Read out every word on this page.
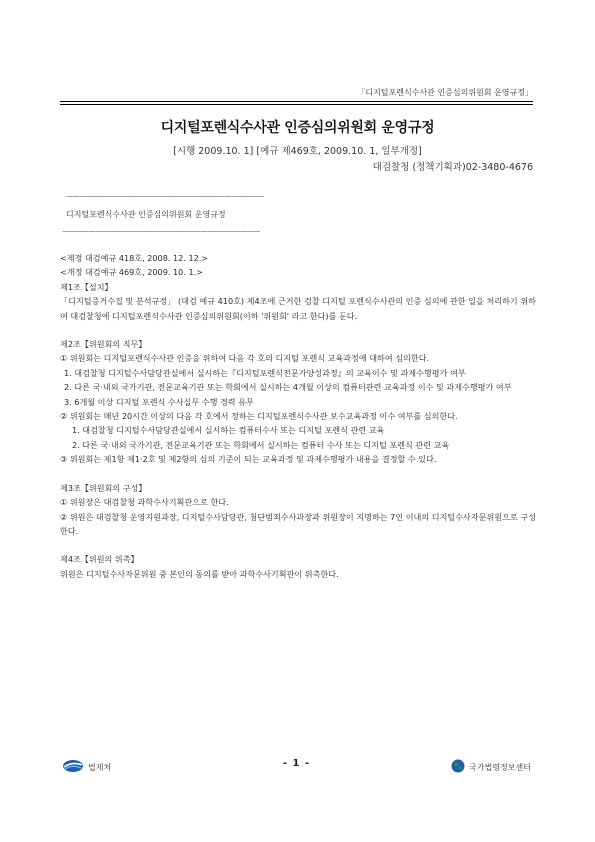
「디지털포렌식수사관 인증심의위원회 운영규정」
디지털포렌식수사관 인증심의위원회 운영규정
[시행 2009.10. 1] [예규 제469호, 2009.10. 1, 일부개정]
대검찰청 (정책기획과)02-3480-4676
——————————————————————————————
디지털포렌식수사관 인증심의위원회 운영규정
——————————————————————————————

<제정 대검예규 418호, 2008. 12. 12.>

<개정 대검예규 469호, 2009. 10. 1.>

제1조【설치】

「디지털증거수집 및 분석규정」 (대검 예규 410호) 제4조에 근거한 검찰 디지털 포렌식수사관의 인증 심의에 관한 일을 처리하기 위하여 대검찰청에 디지털포렌식수사관 인증심의위원회(이하 '위원회' 라고 한다)를 둔다.

제2조【위원회의 직무】

① 위원회는 디지털포렌식수사관 인증을 위하여 다음 각 호의 디지털 포렌식 교육과정에 대하여 심의한다.

1. 대검찰청 디지털수사담당관실에서 실시하는『디지털포렌식전문가양성과정』의 교육이수 및 과제수행평가 여부

2. 다른 국·내외 국가기관, 전문교육기관 또는 학회에서 실시하는 4개월 이상의 컴퓨터관련 교육과정 이수 및 과제수행평가 여부

3. 6개월 이상 디지털 포렌식 수사실무 수행 경력 유무

② 위원회는 매년 20시간 이상의 다음 각 호에서 정하는 디지털포렌식수사관 보수교육과정 이수 여부를 심의한다.

1. 대검찰청 디지털수사담당관실에서 실시하는 컴퓨터수사 또는 디지털 포렌식 관련 교육

2. 다른 국·내외 국가기관, 전문교육기관 또는 학회에서 실시하는 컴퓨터 수사 또는 디지털 포렌식 관련 교육

③ 위원회는 제1항 제1·2호 및 제2항의 심의 기준이 되는 교육과정 및 과제수행평가 내용을 결정할 수 있다.

제3조【위원회의 구성】

① 위원장은 대검찰청 과학수사기획관으로 한다.

② 위원은 대검찰청 운영지원과장, 디지털수사담당관, 첨단범죄수사과장과 위원장이 지명하는 7인 이내의 디지털수사자문위원으로 구성한다.

제4조【위원의 위촉】

위원은 디지털수사자문위원 중 본인의 동의를 받아 과학수사기획관이 위촉한다.

법제처	- 1 -	국가법령정보센터
